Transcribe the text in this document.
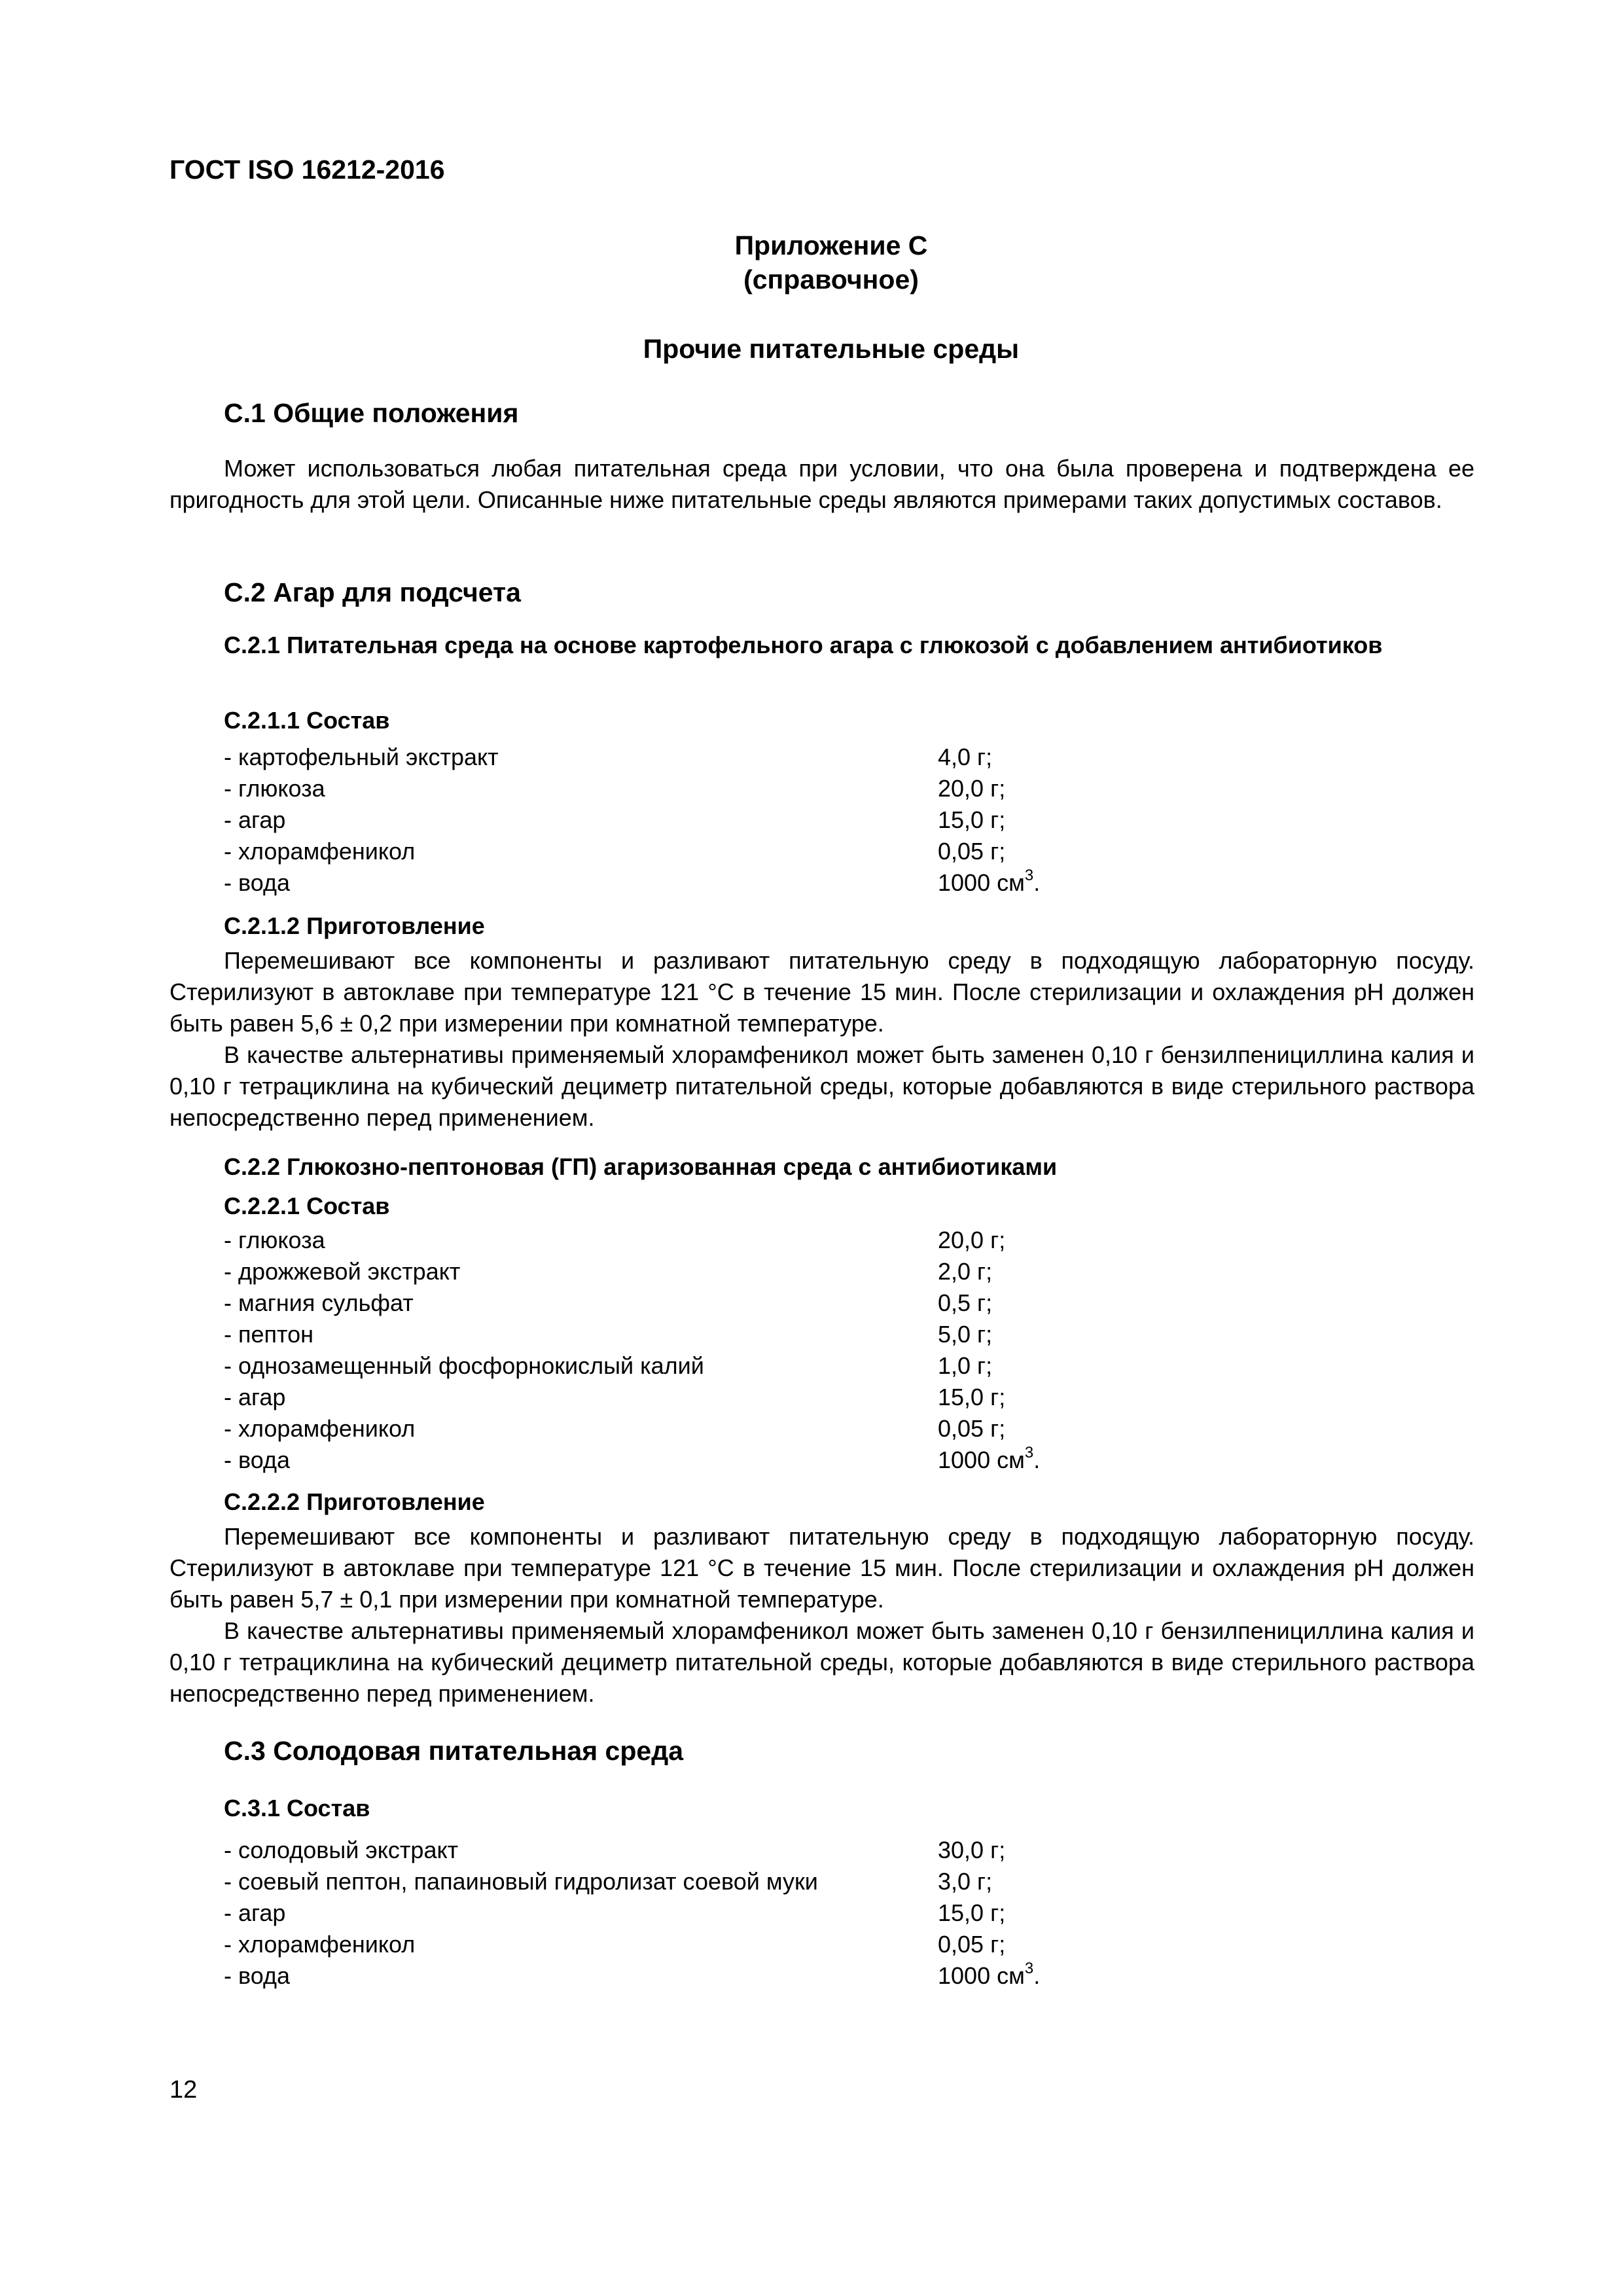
ГОСТ ISO 16212-2016
Приложение С
(справочное)
Прочие питательные среды
С.1 Общие положения

Может использоваться любая питательная среда при условии, что она была проверена и подтверждена ее пригодность для этой цели. Описанные ниже питательные среды являются примерами таких допустимых составов.

С.2 Агар для подсчета

С.2.1 Питательная среда на основе картофельного агара с глюкозой с добавлением антибиотиков

С.2.1.1 Состав
- картофельный экстракт	4,0 г;
- глюкоза	20,0 г;
- агар	15,0 г;
- хлорамфеникол	0,05 г;
- вода	1000 $см^3$.
С.2.1.2 Приготовление

Перемешивают все компоненты и разливают питательную среду в подходящую лабораторную посуду. Стерилизуют в автоклаве при температуре 121 °С в течение 15 мин. После стерилизации и охлаждения рН должен быть равен 5,6 ± 0,2 при измерении при комнатной температуре.

В качестве альтернативы применяемый хлорамфеникол может быть заменен 0,10 г бензилпенициллина калия и 0,10 г тетрациклина на кубический дециметр питательной среды, которые добавляются в виде стерильного раствора непосредственно перед применением.

С.2.2 Глюкозно-пептоновая (ГП) агаризованная среда с антибиотиками
С.2.2.1 Состав
- глюкоза	20,0 г;
- дрожжевой экстракт	2,0 г;
- магния сульфат	0,5 г;
- пептон	5,0 г;
- однозамещенный фосфорнокислый калий	1,0 г;
- агар	15,0 г;
- хлорамфеникол	0,05 г;
- вода	1000 $см^3$.
С.2.2.2 Приготовление

Перемешивают все компоненты и разливают питательную среду в подходящую лабораторную посуду. Стерилизуют в автоклаве при температуре 121 °С в течение 15 мин. После стерилизации и охлаждения рН должен быть равен 5,7 ± 0,1 при измерении при комнатной температуре.

В качестве альтернативы применяемый хлорамфеникол может быть заменен 0,10 г бензилпенициллина калия и 0,10 г тетрациклина на кубический дециметр питательной среды, которые добавляются в виде стерильного раствора непосредственно перед применением.

С.3 Солодовая питательная среда
С.3.1 Состав
- солодовый экстракт	30,0 г;
- соевый пептон, папаиновый гидролизат соевой муки	3,0 г;
- агар	15,0 г;
- хлорамфеникол	0,05 г;
- вода	1000 $см^3$.
12
